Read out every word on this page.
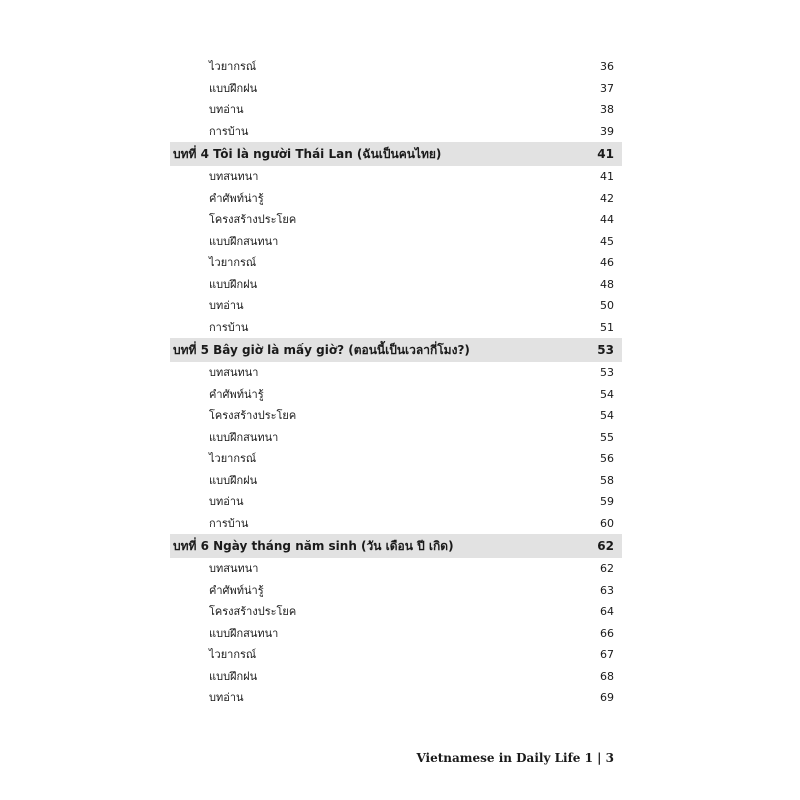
ไวยากรณ์	36
แบบฝึกฝน	37
บทอ่าน	38
การบ้าน	39
บทที่ 4 Tôi là người Thái Lan (ฉันเป็นคนไทย)	41
บทสนทนา	41
คำศัพท์น่ารู้	42
โครงสร้างประโยค	44
แบบฝึกสนทนา	45
ไวยากรณ์	46
แบบฝึกฝน	48
บทอ่าน	50
การบ้าน	51
บทที่ 5 Bây giờ là mấy giờ? (ตอนนี้เป็นเวลากี่โมง?)	53
บทสนทนา	53
คำศัพท์น่ารู้	54
โครงสร้างประโยค	54
แบบฝึกสนทนา	55
ไวยากรณ์	56
แบบฝึกฝน	58
บทอ่าน	59
การบ้าน	60
บทที่ 6 Ngày tháng năm sinh (วัน เดือน ปี เกิด)	62
บทสนทนา	62
คำศัพท์น่ารู้	63
โครงสร้างประโยค	64
แบบฝึกสนทนา	66
ไวยากรณ์	67
แบบฝึกฝน	68
บทอ่าน	69
Vietnamese in Daily Life 1 | 3
